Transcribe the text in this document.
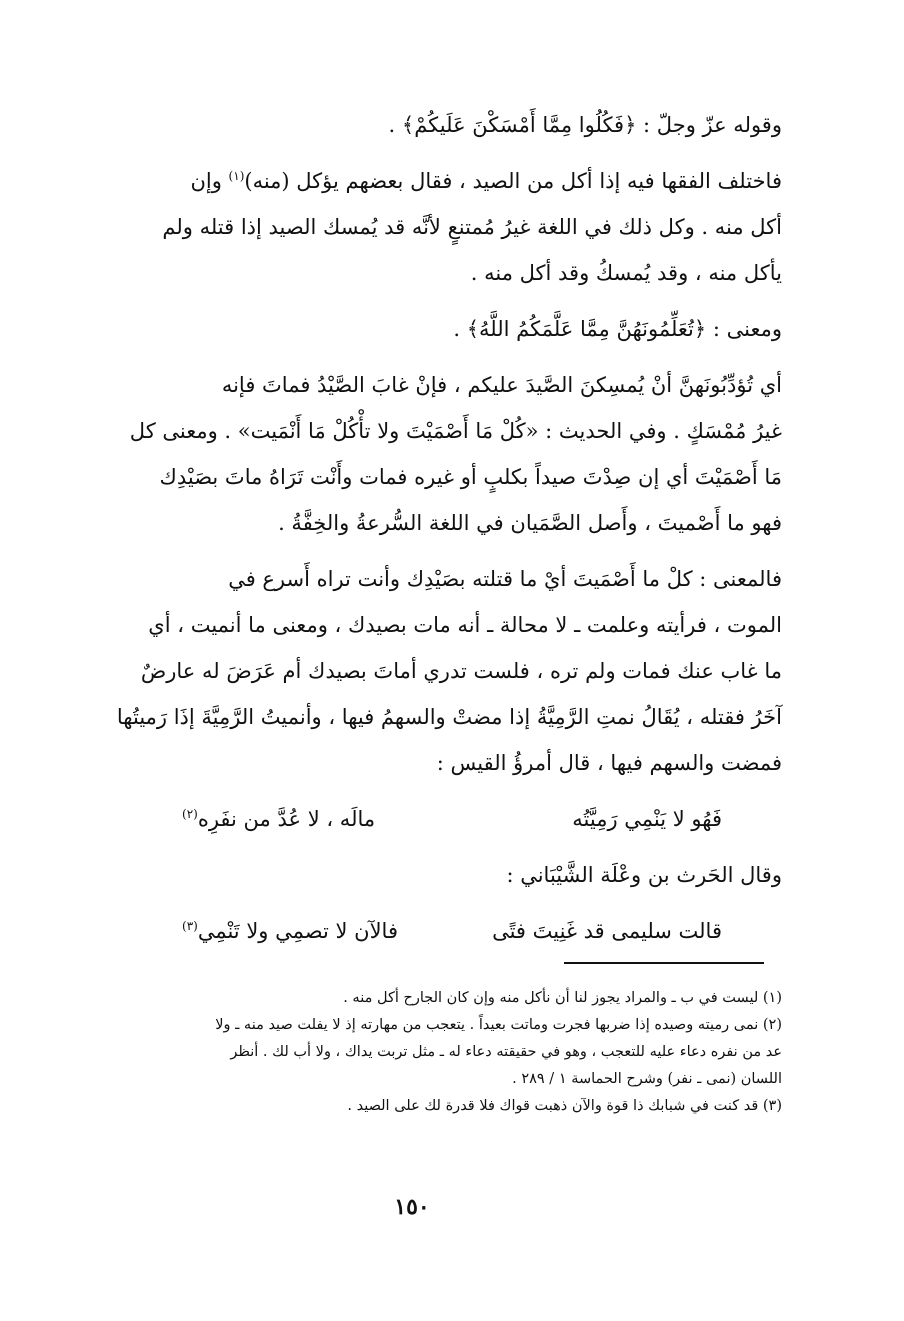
وقوله عزّ وجلّ : ﴿فَكُلُوا مِمَّا أَمْسَكْنَ عَلَيكُمْ﴾ .

فاختلف الفقها فيه إذا أكل من الصيد ، فقال بعضهم يؤكل (منه)$^{(١)}$ وإن
أكل منه . وكل ذلك في اللغة غيرُ مُمتنعٍ لأنَّه قد يُمسك الصيد إذا قتله ولم
يأكل منه ، وقد يُمسكُ وقد أكل منه .

ومعنى : ﴿تُعَلِّمُونَهُنَّ مِمَّا عَلَّمَكُمُ اللَّهُ﴾ .

أي تُؤدِّبُونَهنَّ أنْ يُمسِكنَ الصَّيدَ عليكم ، فإنْ غابَ الصَّيْدُ فماتَ فإنه
غيرُ مُمْسَكٍ . وفي الحديث : «كُلْ مَا أَصْمَيْتَ ولا تأْكُلْ مَا أَنْمَيت» . ومعنى كل
مَا أَصْمَيْتَ أي إن صِدْتَ صيداً بكلبٍ أو غيره فمات وأَنْت تَرَاهُ ماتَ بصَيْدِك
فهو ما أَصْميتَ ، وأَصل الصَّمَيان في اللغة السُّرعةُ والخِفَّةُ .

فالمعنى : كلْ ما أَصْمَيتَ أيْ ما قتلته بصَيْدِك وأنت تراه أَسرع في
الموت ، فرأيته وعلمت ـ لا محالة ـ أنه مات بصيدك ، ومعنى ما أنميت ، أي
ما غاب عنك فمات ولم تره ، فلست تدري أماتَ بصيدك أم عَرَضَ له عارضٌ
آخَرُ فقتله ، يُقَالُ نمتِ الرَّمِيَّةُ إذا مضتْ والسهمُ فيها ، وأنميتُ الرَّمِيَّةَ إذَا رَميتُها
فمضت والسهم فيها ، قال أمرؤُ القيس :

فَهُو لا يَنْمِي رَمِيَّتُه
مالَه ، لا عُدَّ من نفَرِه(٢)

وقال الحَرث بن وعْلَة الشَّيْبَاني :

قالت سليمى قد غَنِيتَ فتًى
فالآن لا تصمِي ولا تَنْمِي(٣)

(١) ليست في ب ـ والمراد يجوز لنا أن نأكل منه وإن كان الجارح أكل منه .

(٢) نمى رميته وصيده إذا ضربها فجرت وماتت بعيداً . يتعجب من مهارته إذ لا يفلت صيد منه ـ ولا
عد من نفره دعاء عليه للتعجب ، وهو في حقيقته دعاء له ـ مثل تربت يداك ، ولا أب لك . أنظر
اللسان (نمى ـ نفر) وشرح الحماسة ١ / ٢٨٩ .

(٣) قد كنت في شبابك ذا قوة والآن ذهبت قواك فلا قدرة لك على الصيد .

١٥٠
